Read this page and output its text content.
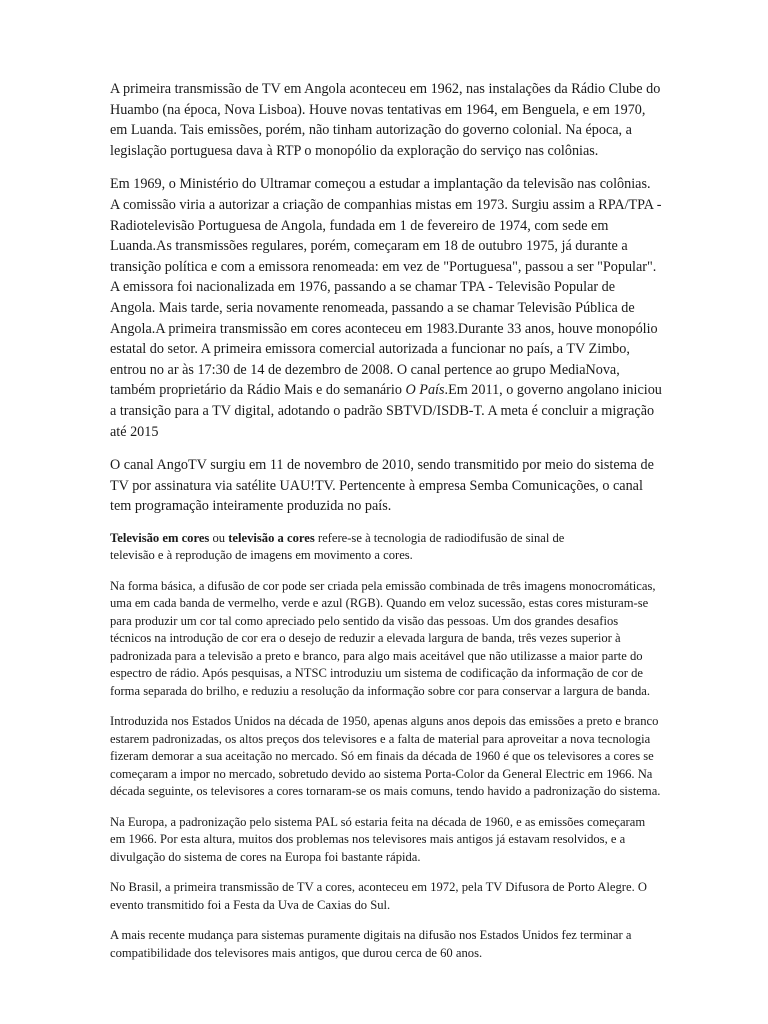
A primeira transmissão de TV em Angola aconteceu em 1962, nas instalações da Rádio Clube do Huambo (na época, Nova Lisboa). Houve novas tentativas em 1964, em Benguela, e em 1970, em Luanda. Tais emissões, porém, não tinham autorização do governo colonial. Na época, a legislação portuguesa dava à RTP o monopólio da exploração do serviço nas colônias.

Em 1969, o Ministério do Ultramar começou a estudar a implantação da televisão nas colônias. A comissão viria a autorizar a criação de companhias mistas em 1973. Surgiu assim a RPA/TPA - Radiotelevisão Portuguesa de Angola, fundada em 1 de fevereiro de 1974, com sede em Luanda.As transmissões regulares, porém, começaram em 18 de outubro 1975, já durante a transição política e com a emissora renomeada: em vez de "Portuguesa", passou a ser "Popular". A emissora foi nacionalizada em 1976, passando a se chamar TPA - Televisão Popular de Angola. Mais tarde, seria novamente renomeada, passando a se chamar Televisão Pública de Angola.A primeira transmissão em cores aconteceu em 1983.Durante 33 anos, houve monopólio estatal do setor. A primeira emissora comercial autorizada a funcionar no país, a TV Zimbo, entrou no ar às 17:30 de 14 de dezembro de 2008. O canal pertence ao grupo MediaNova, também proprietário da Rádio Mais e do semanário O País.Em 2011, o governo angolano iniciou a transição para a TV digital, adotando o padrão SBTVD/ISDB-T. A meta é concluir a migração até 2015

O canal AngoTV surgiu em 11 de novembro de 2010, sendo transmitido por meio do sistema de TV por assinatura via satélite UAU!TV. Pertencente à empresa Semba Comunicações, o canal tem programação inteiramente produzida no país.

Televisão em cores ou televisão a cores refere-se à tecnologia de radiodifusão de sinal de televisão e à reprodução de imagens em movimento a cores.

Na forma básica, a difusão de cor pode ser criada pela emissão combinada de três imagens monocromáticas, uma em cada banda de vermelho, verde e azul (RGB). Quando em veloz sucessão, estas cores misturam-se para produzir um cor tal como apreciado pelo sentido da visão das pessoas. Um dos grandes desafios técnicos na introdução de cor era o desejo de reduzir a elevada largura de banda, três vezes superior à padronizada para a televisão a preto e branco, para algo mais aceitável que não utilizasse a maior parte do espectro de rádio. Após pesquisas, a NTSC introduziu um sistema de codificação da informação de cor de forma separada do brilho, e reduziu a resolução da informação sobre cor para conservar a largura de banda.

Introduzida nos Estados Unidos na década de 1950, apenas alguns anos depois das emissões a preto e branco estarem padronizadas, os altos preços dos televisores e a falta de material para aproveitar a nova tecnologia fizeram demorar a sua aceitação no mercado. Só em finais da década de 1960 é que os televisores a cores se começaram a impor no mercado, sobretudo devido ao sistema Porta-Color da General Electric em 1966. Na década seguinte, os televisores a cores tornaram-se os mais comuns, tendo havido a padronização do sistema.

Na Europa, a padronização pelo sistema PAL só estaria feita na década de 1960, e as emissões começaram em 1966. Por esta altura, muitos dos problemas nos televisores mais antigos já estavam resolvidos, e a divulgação do sistema de cores na Europa foi bastante rápida.

No Brasil, a primeira transmissão de TV a cores, aconteceu em 1972, pela TV Difusora de Porto Alegre. O evento transmitido foi a Festa da Uva de Caxias do Sul.

A mais recente mudança para sistemas puramente digitais na difusão nos Estados Unidos fez terminar a compatibilidade dos televisores mais antigos, que durou cerca de 60 anos.
